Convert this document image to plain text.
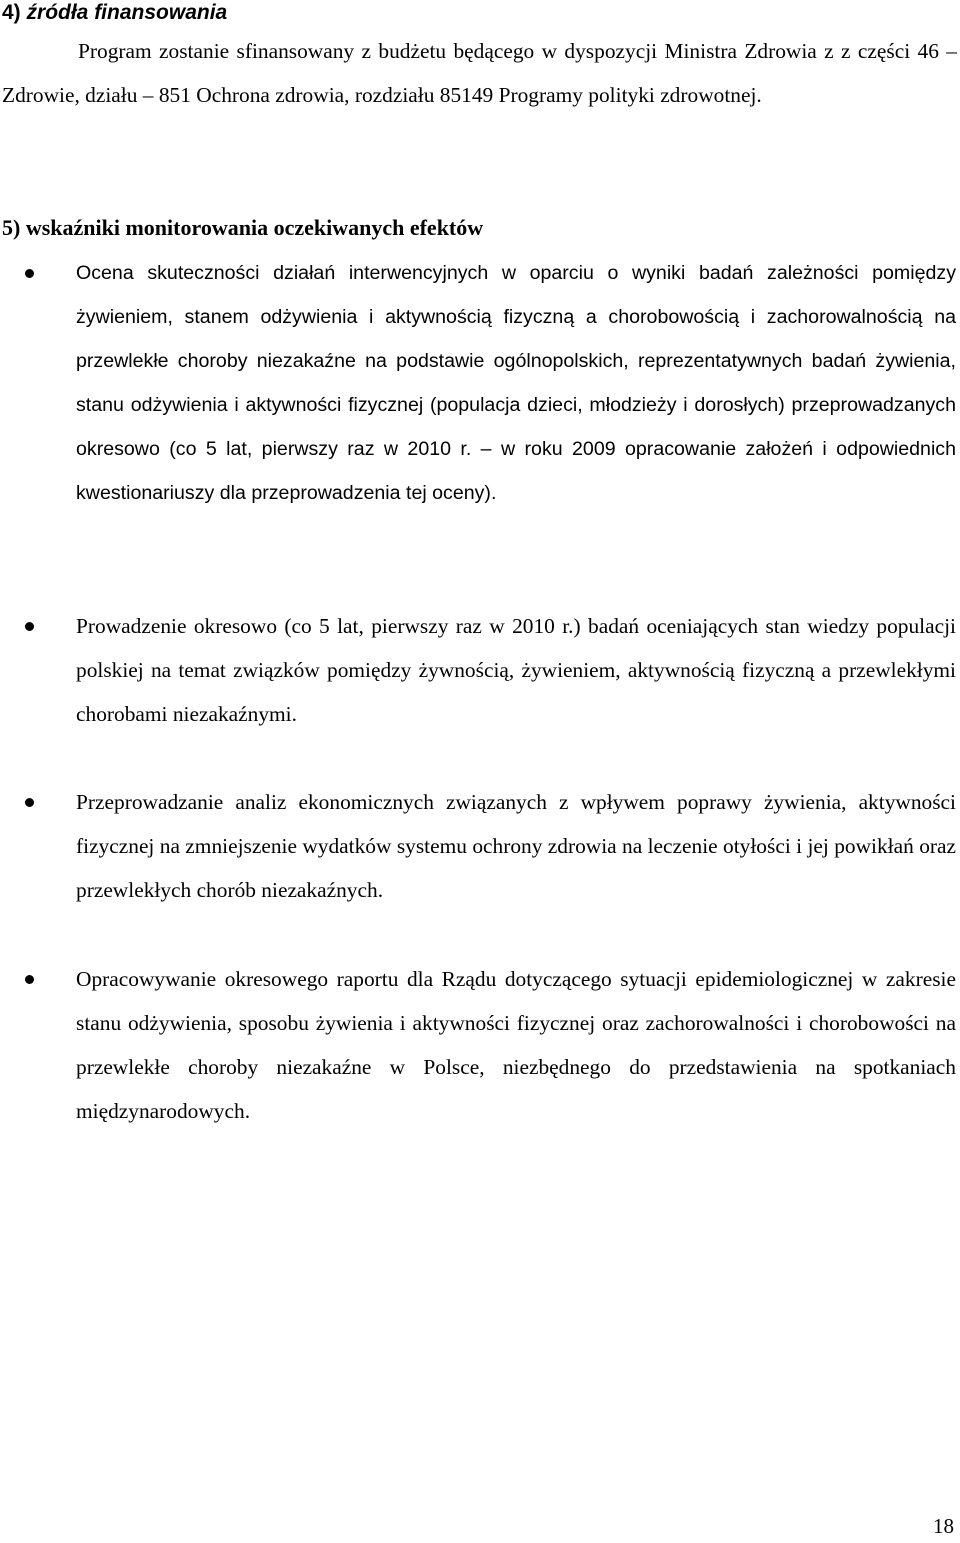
4) źródła finansowania

Program zostanie sfinansowany z budżetu będącego w dyspozycji Ministra Zdrowia z z części 46 – Zdrowie, działu – 851 Ochrona zdrowia, rozdziału 85149 Programy polityki zdrowotnej.

5) wskaźniki monitorowania oczekiwanych efektów

Ocena skuteczności działań interwencyjnych w oparciu o wyniki badań zależności pomiędzy żywieniem, stanem odżywienia i aktywnością fizyczną a chorobowością i zachorowalnością na przewlekłe choroby niezakaźne na podstawie ogólnopolskich, reprezentatywnych badań żywienia, stanu odżywienia i aktywności fizycznej (populacja dzieci, młodzieży i dorosłych) przeprowadzanych okresowo (co 5 lat, pierwszy raz w 2010 r. – w roku 2009 opracowanie założeń i odpowiednich kwestionariuszy dla przeprowadzenia tej oceny).

Prowadzenie okresowo (co 5 lat, pierwszy raz w 2010 r.) badań oceniających stan wiedzy populacji polskiej na temat związków pomiędzy żywnością, żywieniem, aktywnością fizyczną a przewlekłymi chorobami niezakaźnymi.

Przeprowadzanie analiz ekonomicznych związanych z wpływem poprawy żywienia, aktywności fizycznej na zmniejszenie wydatków systemu ochrony zdrowia na leczenie otyłości i jej powikłań oraz przewlekłych chorób niezakaźnych.

Opracowywanie okresowego raportu dla Rządu dotyczącego sytuacji epidemiologicznej w zakresie stanu odżywienia, sposobu żywienia i aktywności fizycznej oraz zachorowalności i chorobowości na przewlekłe choroby niezakaźne w Polsce, niezbędnego do przedstawienia na spotkaniach międzynarodowych.

18
